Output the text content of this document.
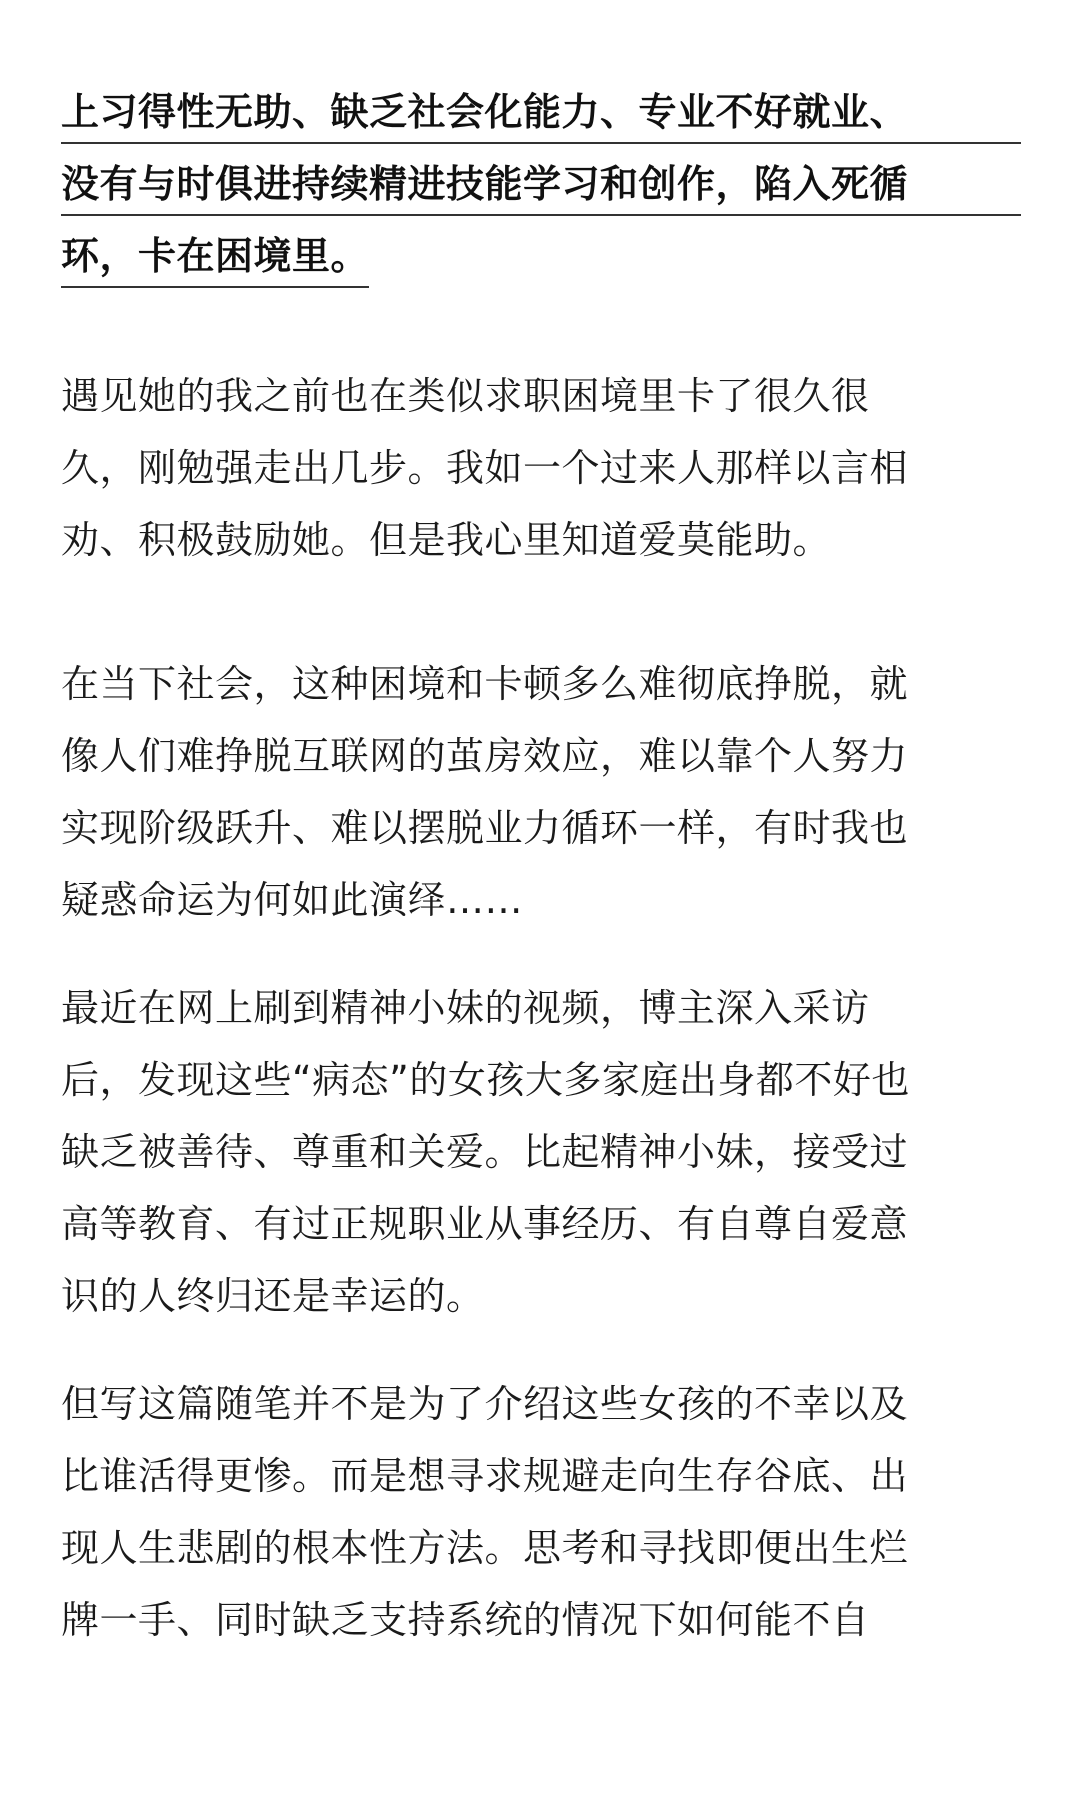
上习得性无助、缺乏社会化能力、专业不好就业、
没有与时俱进持续精进技能学习和创作，陷入死循
环，卡在困境里。
遇见她的我之前也在类似求职困境里卡了很久很
久，刚勉强走出几步。我如一个过来人那样以言相
劝、积极鼓励她。但是我心里知道爱莫能助。
在当下社会，这种困境和卡顿多么难彻底挣脱，就
像人们难挣脱互联网的茧房效应，难以靠个人努力
实现阶级跃升、难以摆脱业力循环一样，有时我也
疑惑命运为何如此演绎……
最近在网上刷到精神小妹的视频，博主深入采访
后，发现这些“病态”的女孩大多家庭出身都不好也
缺乏被善待、尊重和关爱。比起精神小妹，接受过
高等教育、有过正规职业从事经历、有自尊自爱意
识的人终归还是幸运的。
但写这篇随笔并不是为了介绍这些女孩的不幸以及
比谁活得更惨。而是想寻求规避走向生存谷底、出
现人生悲剧的根本性方法。思考和寻找即便出生烂
牌一手、同时缺乏支持系统的情况下如何能不自
